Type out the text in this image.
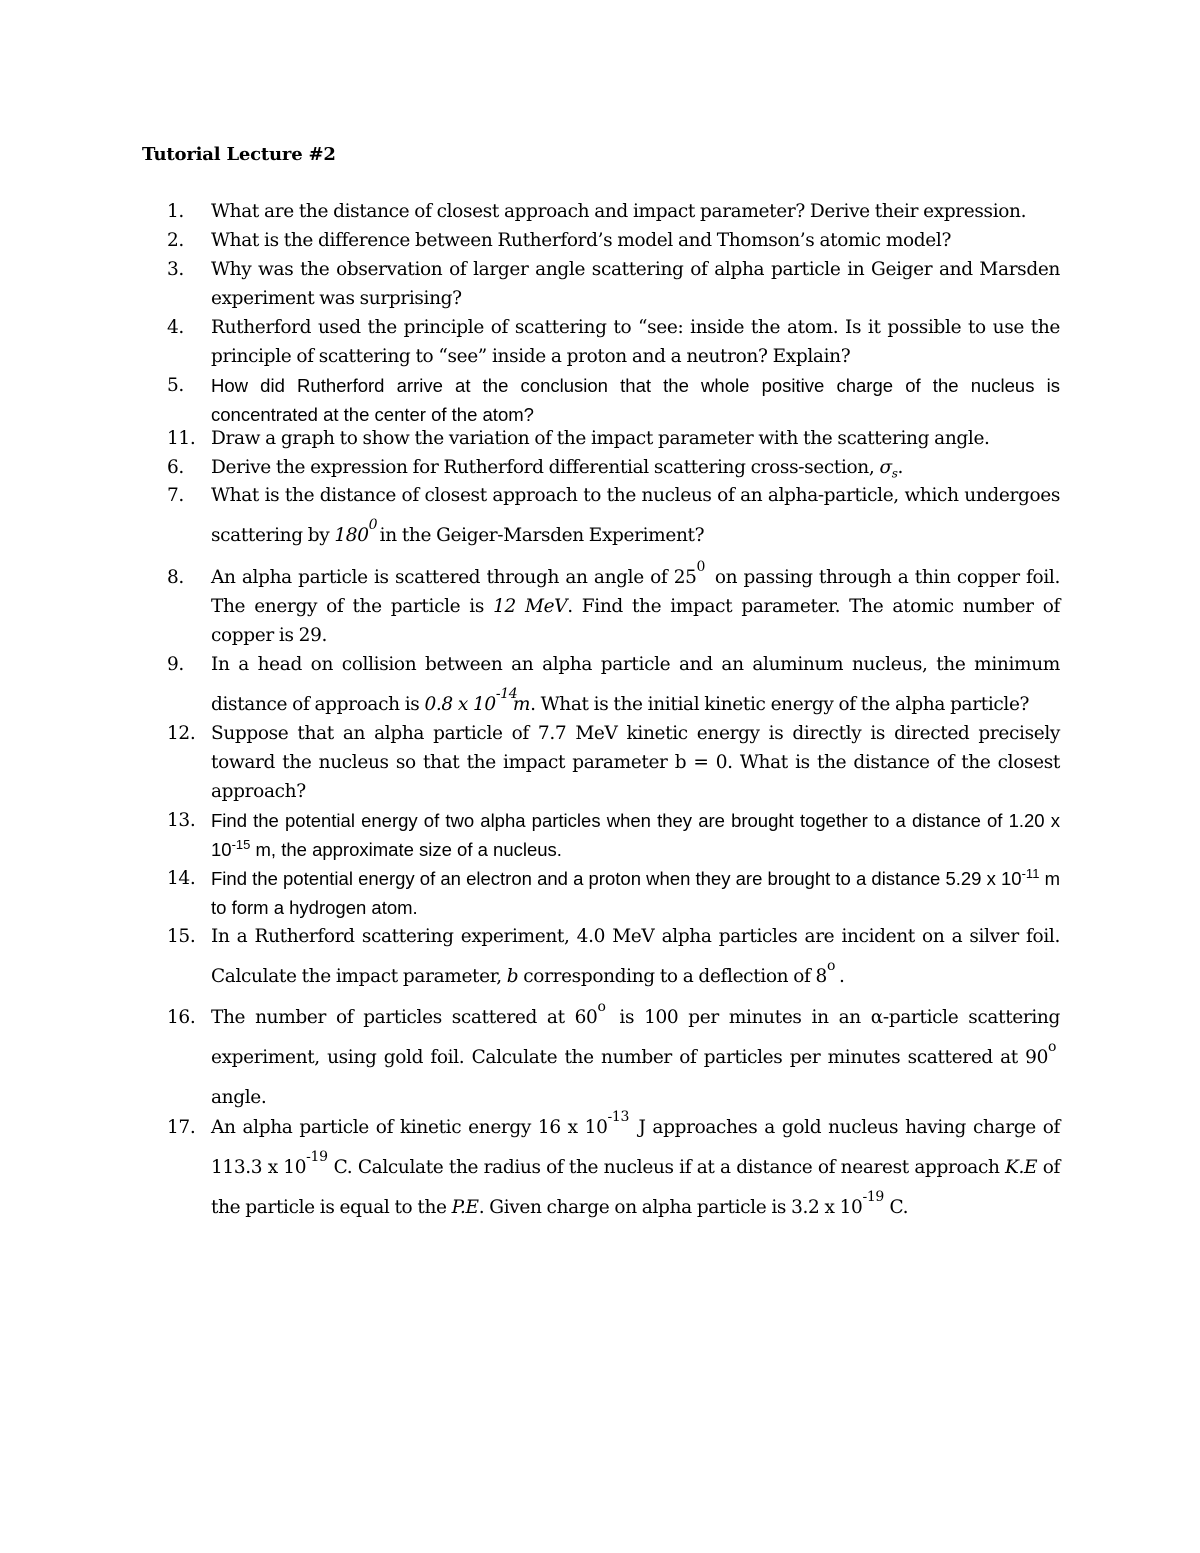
Tutorial Lecture #2
1. What are the distance of closest approach and impact parameter? Derive their expression.
2. What is the difference between Rutherford’s model and Thomson’s atomic model?
3. Why was the observation of larger angle scattering of alpha particle in Geiger and Marsden experiment was surprising?
4. Rutherford used the principle of scattering to “see: inside the atom. Is it possible to use the principle of scattering to “see” inside a proton and a neutron? Explain?
5. How did Rutherford arrive at the conclusion that the whole positive charge of the nucleus is concentrated at the center of the atom?
11. Draw a graph to show the variation of the impact parameter with the scattering angle.
6. Derive the expression for Rutherford differential scattering cross-section, $\sigma_s$.
7. What is the distance of closest approach to the nucleus of an alpha-particle, which undergoes scattering by 180 0
in the Geiger-Marsden Experiment?
8. An alpha particle is scattered through an angle of 25 0 on passing through a thin copper foil. The energy of the particle is 12 MeV. Find the impact parameter. The atomic number of copper is 29.
9. In a head on collision between an alpha particle and an aluminum nucleus, the minimum distance of approach is 0.8 x 10 -14
m. What is the initial kinetic energy of the alpha particle?
12. Suppose that an alpha particle of 7.7 MeV kinetic energy is directly is directed precisely toward the nucleus so that the impact parameter b = 0. What is the distance of the closest approach?
13. Find the potential energy of two alpha particles when they are brought together to a distance of 1.20 x $10^{-15}$ m, the approximate size of a nucleus.
14. Find the potential energy of an electron and a proton when they are brought to a distance 5.29 x $10^{-11}$ m to form a hydrogen atom.
15. In a Rutherford scattering experiment, 4.0 MeV alpha particles are incident on a silver foil. Calculate the impact parameter, b corresponding to a deflection of 8 o .
16. The number of particles scattered at 60 o is 100 per minutes in an α-particle scattering experiment, using gold foil. Calculate the number of particles per minutes scattered at 90 o
angle.
17. An alpha particle of kinetic energy 16 x 10 -13 J approaches a gold nucleus having charge of 113.3 x 10 -19 C. Calculate the radius of the nucleus if at a distance of nearest approach K.E of the particle is equal to the P.E. Given charge on alpha particle is 3.2 x 10 -19 C.
